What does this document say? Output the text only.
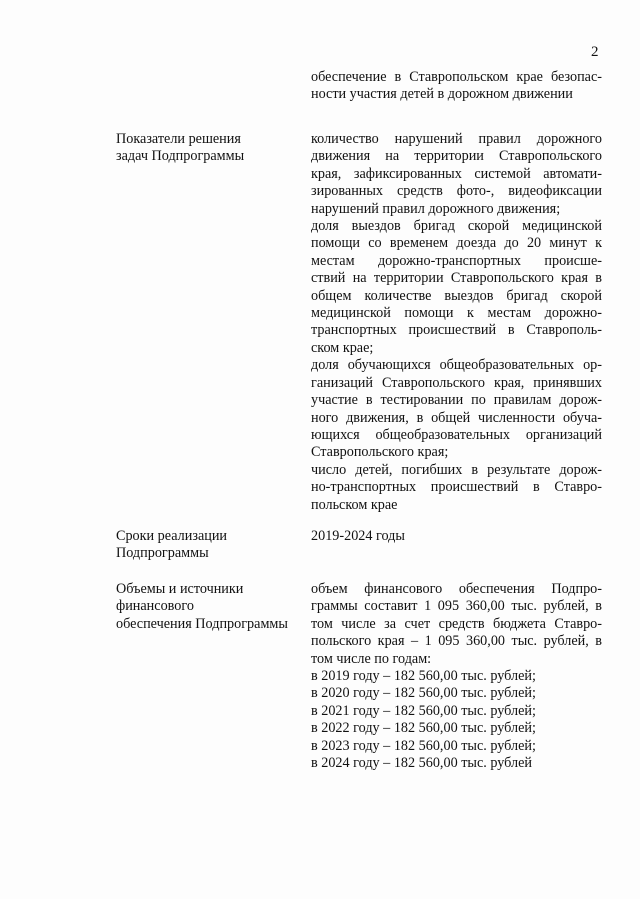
2
обеспечение в Ставропольском крае безопас-
ности участия детей в дорожном движении
Показатели решения
задач Подпрограммы
количество нарушений правил дорожного
движения на территории Ставропольского
края, зафиксированных системой автомати-
зированных средств фото-, видеофиксации
нарушений правил дорожного движения;
доля выездов бригад скорой медицинской
помощи со временем доезда до 20 минут к
местам дорожно-транспортных происше-
ствий на территории Ставропольского края в
общем количестве выездов бригад скорой
медицинской помощи к местам дорожно-
транспортных происшествий в Ставрополь-
ском крае;
доля обучающихся общеобразовательных ор-
ганизаций Ставропольского края, принявших
участие в тестировании по правилам дорож-
ного движения, в общей численности обуча-
ющихся общеобразовательных организаций
Ставропольского края;
число детей, погибших в результате дорож-
но-транспортных происшествий в Ставро-
польском крае
Сроки реализации
Подпрограммы
2019-2024 годы
Объемы и источники
финансового
обеспечения Подпрограммы
объем финансового обеспечения Подпро-
граммы составит 1 095 360,00 тыс. рублей, в
том числе за счет средств бюджета Ставро-
польского края – 1 095 360,00 тыс. рублей, в
том числе по годам:
в 2019 году – 182 560,00 тыс. рублей;
в 2020 году – 182 560,00 тыс. рублей;
в 2021 году – 182 560,00 тыс. рублей;
в 2022 году – 182 560,00 тыс. рублей;
в 2023 году – 182 560,00 тыс. рублей;
в 2024 году – 182 560,00 тыс. рублей
